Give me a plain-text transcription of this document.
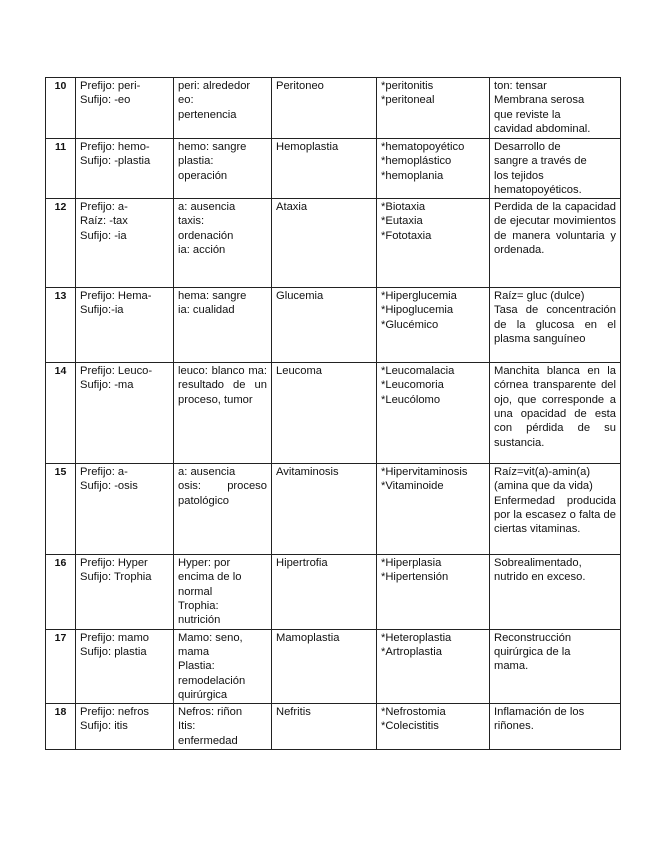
10	Prefijo: peri-
Sufijo: -eo	peri: alrededor
eo:
pertenencia	Peritoneo	*peritonitis
*peritoneal	ton: tensar
Membrana serosa
que reviste la
cavidad abdominal.
11	Prefijo: hemo-
Sufijo: -plastia	hemo: sangre
plastia:
operación	Hemoplastia	*hematopoyético
*hemoplástico
*hemoplania	Desarrollo de
sangre a través de
los tejidos
hematopoyéticos.
12	Prefijo: a-
Raíz: -tax
Sufijo: -ia	a: ausencia
taxis:
ordenación
ia: acción	Ataxia	*Biotaxia
*Eutaxia
*Fototaxia	Perdida de la capacidad de ejecutar movimientos de manera voluntaria y ordenada.
13	Prefijo: Hema-
Sufijo:-ia	hema: sangre
ia: cualidad	Glucemia	*Hiperglucemia
*Hipoglucemia
*Glucémico	Raíz= gluc (dulce)
Tasa de concentración de la glucosa en el plasma sanguíneo
14	Prefijo: Leuco-
Sufijo: -ma	leuco: blanco ma: resultado de un proceso, tumor	Leucoma	*Leucomalacia
*Leucomoria
*Leucólomo	Manchita blanca en la córnea transparente del ojo, que corresponde a una opacidad de esta con pérdida de su sustancia.
15	Prefijo: a-
Sufijo: -osis	a: ausencia
osis: proceso patológico	Avitaminosis	*Hipervitaminosis
*Vitaminoide	Raíz=vit(a)-amin(a)
(amina que da vida)
Enfermedad producida por la escasez o falta de ciertas vitaminas.
16	Prefijo: Hyper
Sufijo: Trophia	Hyper: por
encima de lo
normal
Trophia:
nutrición	Hipertrofia	*Hiperplasia
*Hipertensión	Sobrealimentado,
nutrido en exceso.
17	Prefijo: mamo
Sufijo: plastia	Mamo: seno,
mama
Plastia:
remodelación
quirúrgica	Mamoplastia	*Heteroplastia
*Artroplastia	Reconstrucción
quirúrgica de la
mama.
18	Prefijo: nefros
Sufijo: itis	Nefros: riñon
Itis:
enfermedad	Nefritis	*Nefrostomia
*Colecistitis	Inflamación de los
riñones.
